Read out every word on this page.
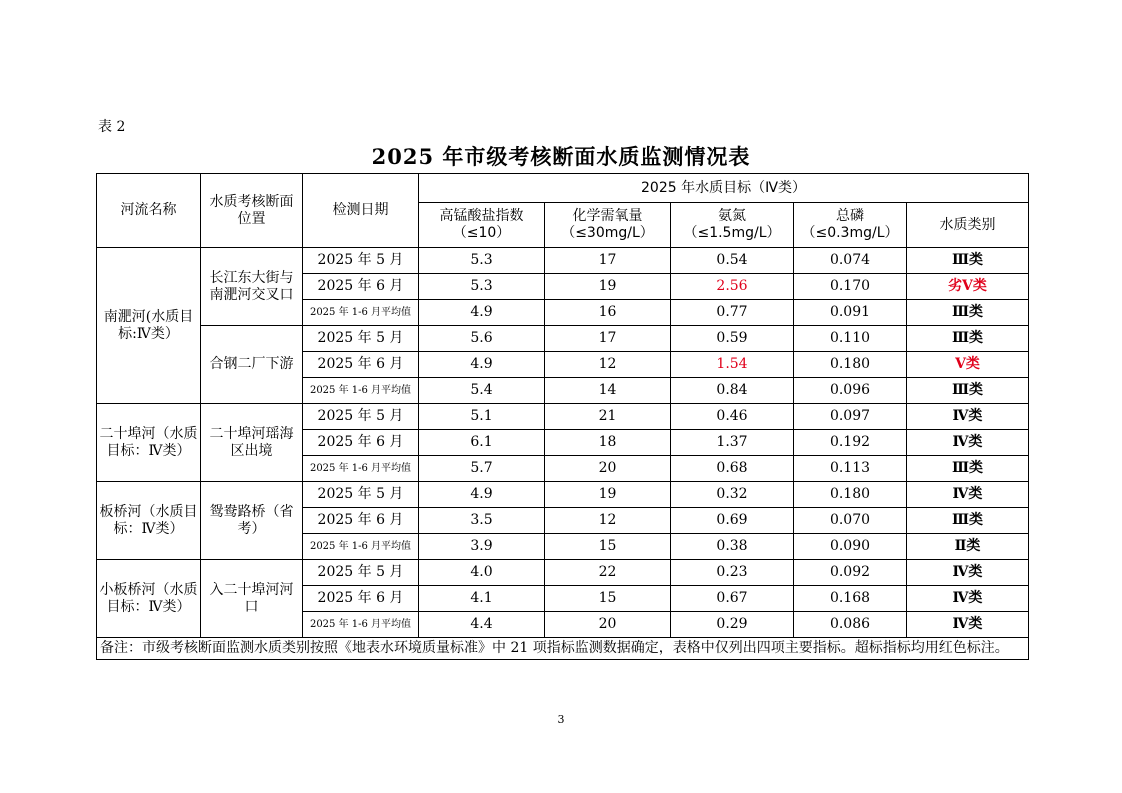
表 2
2025 年市级考核断面水质监测情况表
河流名称	水质考核断面位置	检测日期	2025 年水质目标（Ⅳ类）				
			高锰酸盐指数（≤10）	化学需氧量（≤30mg/L）	氨氮（≤1.5mg/L）	总磷（≤0.3mg/L）	水质类别
南淝河(水质目标:Ⅳ类）	长江东大街与南淝河交叉口	2025 年 5 月	5.3	17	0.54	0.074	Ⅲ类
		2025 年 6 月	5.3	19	2.56	0.170	劣Ⅴ类
		2025 年 1-6 月平均值	4.9	16	0.77	0.091	Ⅲ类
	合钢二厂下游	2025 年 5 月	5.6	17	0.59	0.110	Ⅲ类
		2025 年 6 月	4.9	12	1.54	0.180	Ⅴ类
		2025 年 1-6 月平均值	5.4	14	0.84	0.096	Ⅲ类
二十埠河（水质目标：Ⅳ类）	二十埠河瑶海区出境	2025 年 5 月	5.1	21	0.46	0.097	Ⅳ类
		2025 年 6 月	6.1	18	1.37	0.192	Ⅳ类
		2025 年 1-6 月平均值	5.7	20	0.68	0.113	Ⅲ类
板桥河（水质目标：Ⅳ类）	鸳鸯路桥（省考）	2025 年 5 月	4.9	19	0.32	0.180	Ⅳ类
		2025 年 6 月	3.5	12	0.69	0.070	Ⅲ类
		2025 年 1-6 月平均值	3.9	15	0.38	0.090	Ⅱ类
小板桥河（水质目标：Ⅳ类）	入二十埠河河口	2025 年 5 月	4.0	22	0.23	0.092	Ⅳ类
		2025 年 6 月	4.1	15	0.67	0.168	Ⅳ类
		2025 年 1-6 月平均值	4.4	20	0.29	0.086	Ⅳ类
备注：市级考核断面监测水质类别按照《地表水环境质量标准》中 21 项指标监测数据确定，表格中仅列出四项主要指标。超标指标均用红色标注。							
3
